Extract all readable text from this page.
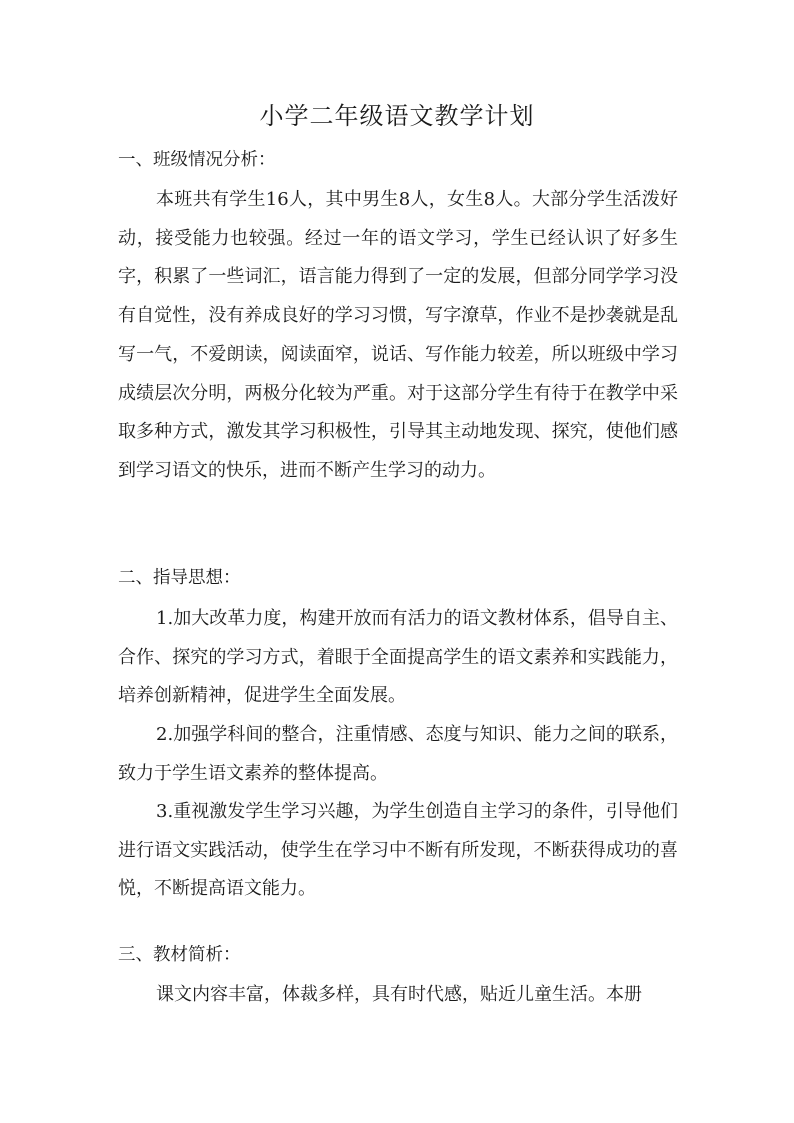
小学二年级语文教学计划
一、班级情况分析：
本班共有学生16人，其中男生8人，女生8人。大部分学生活泼好动，接受能力也较强。经过一年的语文学习，学生已经认识了好多生字，积累了一些词汇，语言能力得到了一定的发展，但部分同学学习没有自觉性，没有养成良好的学习习惯，写字潦草，作业不是抄袭就是乱写一气，不爱朗读，阅读面窄，说话、写作能力较差，所以班级中学习成绩层次分明，两极分化较为严重。对于这部分学生有待于在教学中采取多种方式，激发其学习积极性，引导其主动地发现、探究，使他们感到学习语文的快乐，进而不断产生学习的动力。
二、指导思想：
1.加大改革力度，构建开放而有活力的语文教材体系，倡导自主、合作、探究的学习方式，着眼于全面提高学生的语文素养和实践能力，培养创新精神，促进学生全面发展。
2.加强学科间的整合，注重情感、态度与知识、能力之间的联系，致力于学生语文素养的整体提高。
3.重视激发学生学习兴趣，为学生创造自主学习的条件，引导他们进行语文实践活动，使学生在学习中不断有所发现，不断获得成功的喜悦，不断提高语文能力。
三、教材简析：
课文内容丰富，体裁多样，具有时代感，贴近儿童生活。本册
